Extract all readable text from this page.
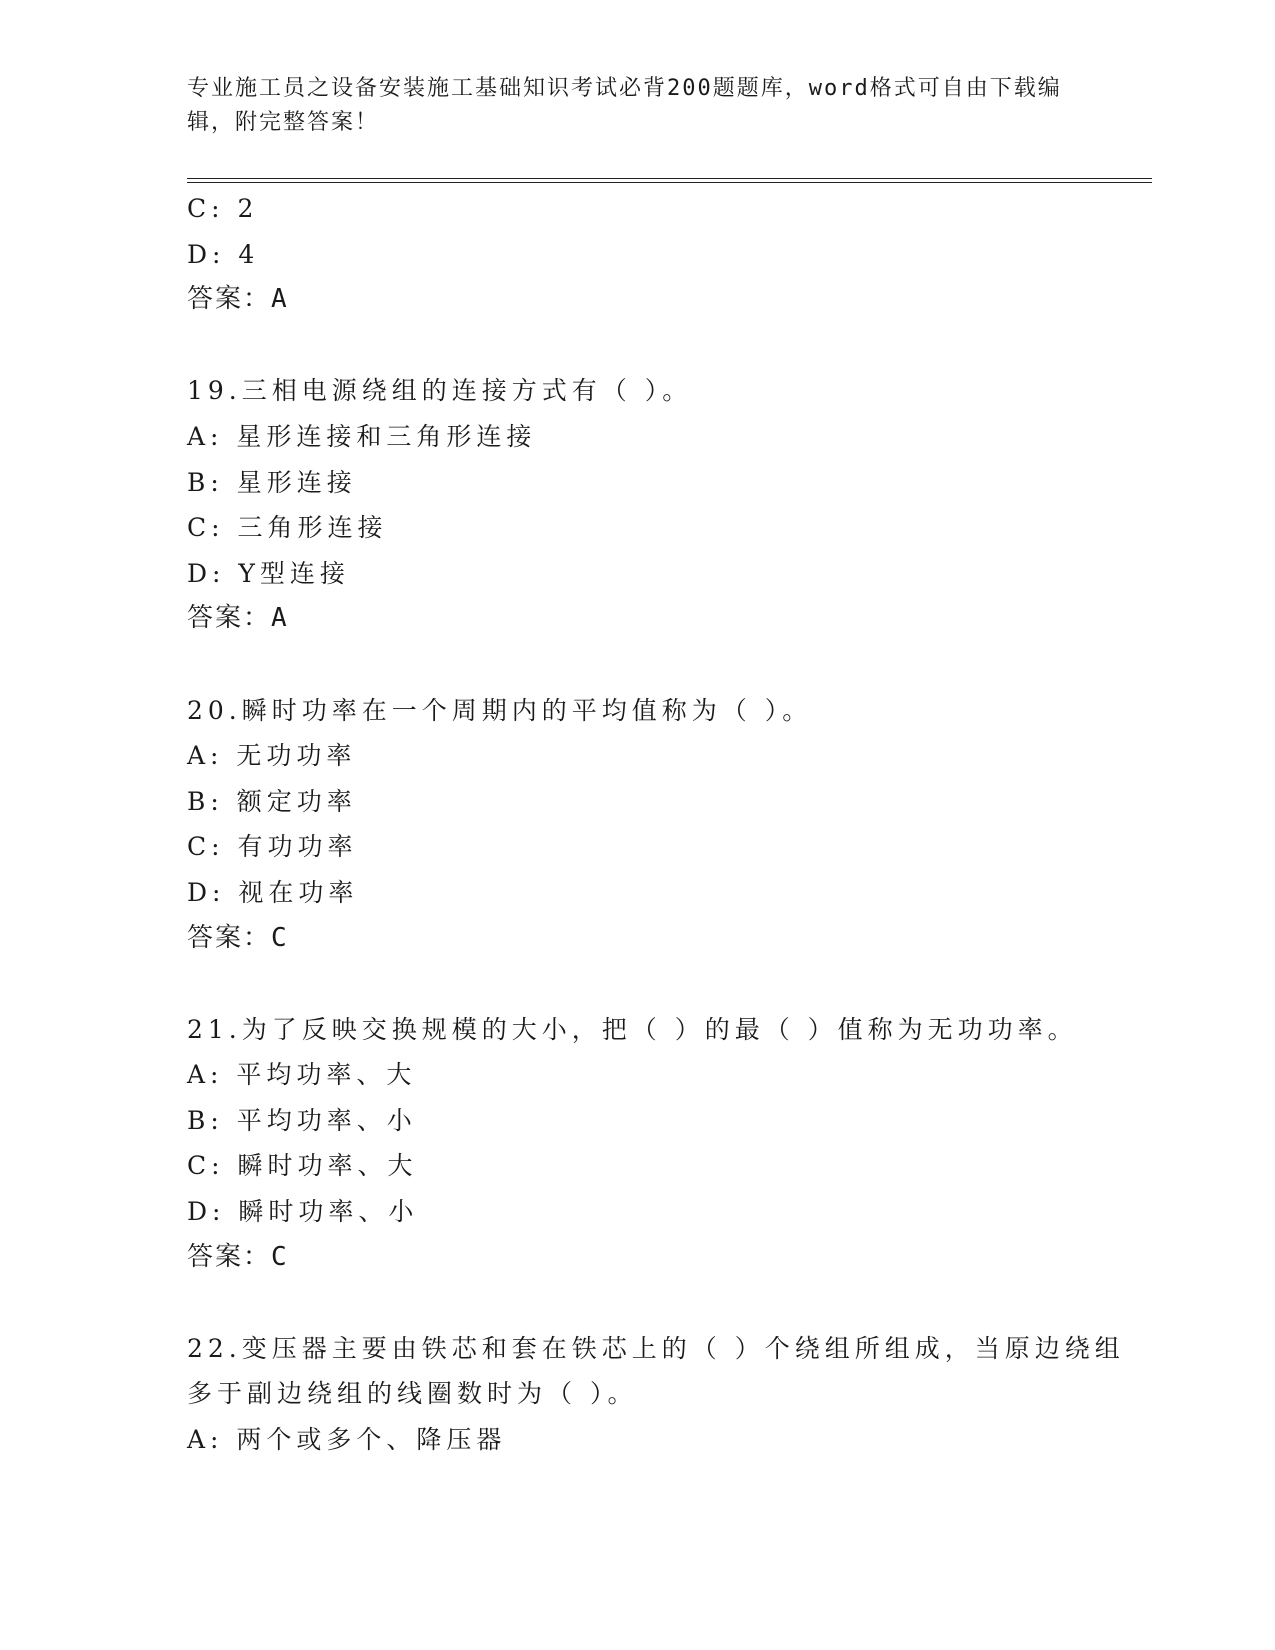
专业施工员之设备安装施工基础知识考试必背200题题库，word格式可自由下载编辑，附完整答案！
C: 2
D: 4
答案：A
19.三相电源绕组的连接方式有（ ）。
A: 星形连接和三角形连接
B: 星形连接
C: 三角形连接
D: Y型连接
答案：A
20.瞬时功率在一个周期内的平均值称为（ ）。
A: 无功功率
B: 额定功率
C: 有功功率
D: 视在功率
答案：C
21.为了反映交换规模的大小，把（ ）的最（ ）值称为无功功率。
A: 平均功率、大
B: 平均功率、小
C: 瞬时功率、大
D: 瞬时功率、小
答案：C
22.变压器主要由铁芯和套在铁芯上的（ ）个绕组所组成，当原边绕组多于副边绕组的线圈数时为（ ）。
A: 两个或多个、降压器
